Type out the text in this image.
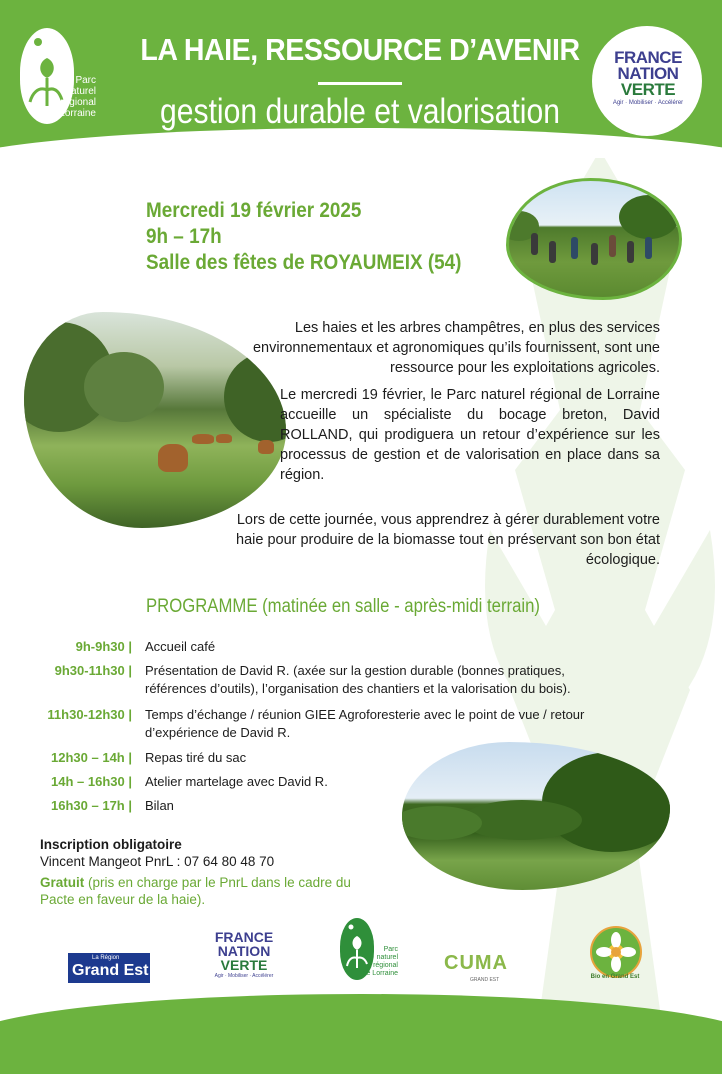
Parc
naturel
régional
de Lorraine
LA HAIE, RESSOURCE D’AVENIR
gestion durable et valorisation
FRANCE
NATION
VERTE
Agir · Mobiliser · Accélérer
Mercredi 19 février 2025
9h – 17h
Salle des fêtes de ROYAUMEIX (54)
Les haies et les arbres champêtres, en plus des services environnementaux et agronomiques qu’ils fournissent, sont une ressource pour les exploitations agricoles.
Le mercredi 19 février, le Parc naturel régional de Lorraine accueille un spécialiste du bocage breton, David ROLLAND, qui prodiguera un retour d’expérience sur les processus de gestion et de valorisation en place dans sa région.
Lors de cette journée, vous apprendrez à gérer durablement votre haie pour produire de la biomasse tout en préservant son bon état écologique.
PROGRAMME (matinée en salle - après-midi terrain)
9h-9h30 | Accueil café
9h30-11h30 | Présentation de David R. (axée sur la gestion durable (bonnes pratiques,
références d’outils), l’organisation des chantiers et la valorisation du bois).
11h30-12h30 | Temps d’échange / réunion GIEE Agroforesterie avec le point de vue / retour
d’expérience de David R.
12h30 – 14h | Repas tiré du sac
14h – 16h30 | Atelier martelage avec David R.
16h30 – 17h | Bilan
Inscription obligatoire
Vincent Mangeot PnrL : 07 64 80 48 70
Gratuit (pris en charge par le PnrL dans le cadre du
Pacte en faveur de la haie).
La Région
Grand Est
FRANCE
NATION
VERTE
Agir · Mobiliser · Accélérer
Parc
naturel
régional
de Lorraine CUMA
GRAND EST	Bio en Grand Est
